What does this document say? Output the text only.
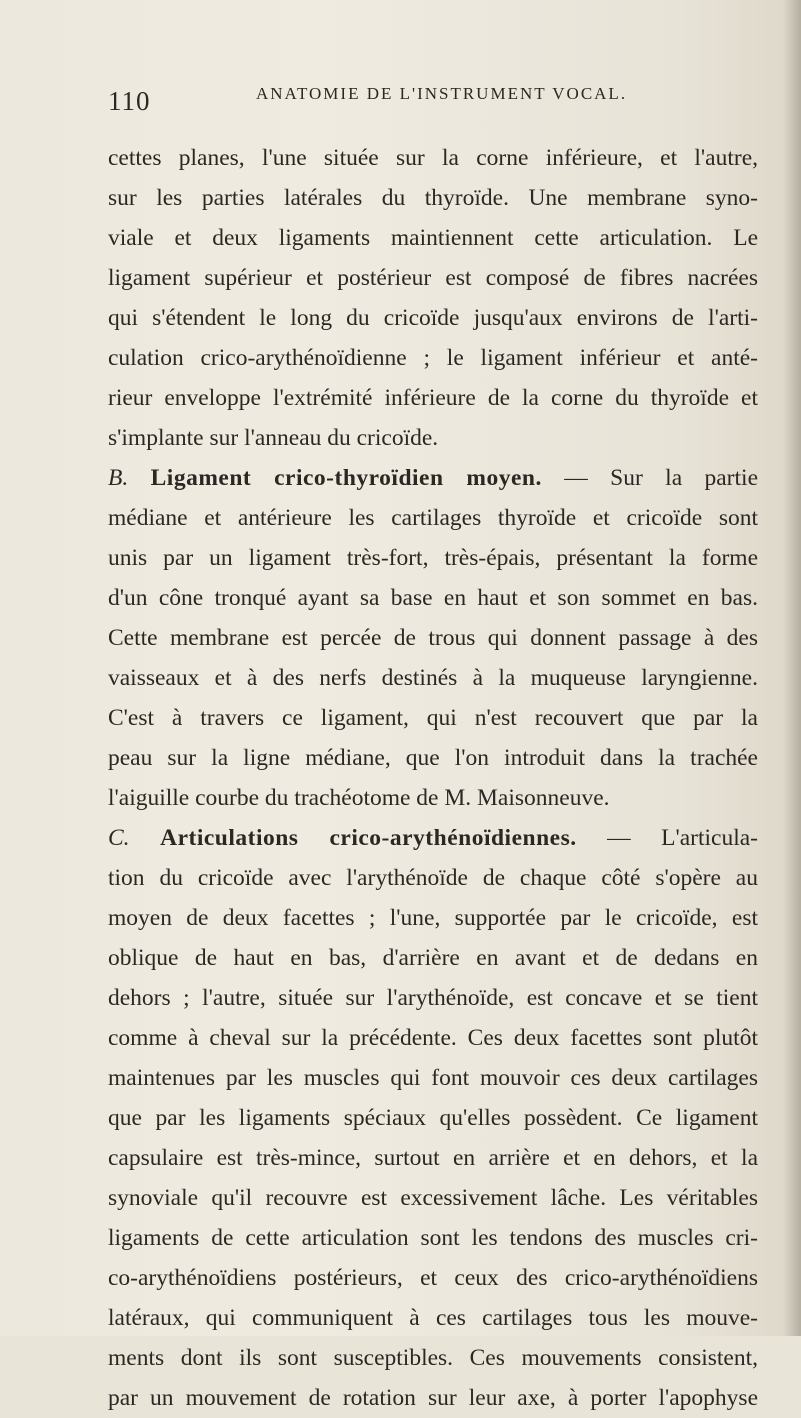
110	ANATOMIE DE L'INSTRUMENT VOCAL.
cettes planes, l'une située sur la corne inférieure, et l'autre,
sur les parties latérales du thyroïde. Une membrane syno-
viale et deux ligaments maintiennent cette articulation. Le
ligament supérieur et postérieur est composé de fibres nacrées
qui s'étendent le long du cricoïde jusqu'aux environs de l'arti-
culation crico-arythénoïdienne ; le ligament inférieur et anté-
rieur enveloppe l'extrémité inférieure de la corne du thyroïde et
s'implante sur l'anneau du cricoïde.
B. Ligament crico-thyroïdien moyen. — Sur la partie
médiane et antérieure les cartilages thyroïde et cricoïde sont
unis par un ligament très-fort, très-épais, présentant la forme
d'un cône tronqué ayant sa base en haut et son sommet en bas.
Cette membrane est percée de trous qui donnent passage à des
vaisseaux et à des nerfs destinés à la muqueuse laryngienne.
C'est à travers ce ligament, qui n'est recouvert que par la
peau sur la ligne médiane, que l'on introduit dans la trachée
l'aiguille courbe du trachéotome de M. Maisonneuve.
C. Articulations crico-arythénoïdiennes. — L'articula-
tion du cricoïde avec l'arythénoïde de chaque côté s'opère au
moyen de deux facettes ; l'une, supportée par le cricoïde, est
oblique de haut en bas, d'arrière en avant et de dedans en
dehors ; l'autre, située sur l'arythénoïde, est concave et se tient
comme à cheval sur la précédente. Ces deux facettes sont plutôt
maintenues par les muscles qui font mouvoir ces deux cartilages
que par les ligaments spéciaux qu'elles possèdent. Ce ligament
capsulaire est très-mince, surtout en arrière et en dehors, et la
synoviale qu'il recouvre est excessivement lâche. Les véritables
ligaments de cette articulation sont les tendons des muscles cri-
co-arythénoïdiens postérieurs, et ceux des crico-arythénoïdiens
latéraux, qui communiquent à ces cartilages tous les mouve-
ments dont ils sont susceptibles. Ces mouvements consistent,
par un mouvement de rotation sur leur axe, à porter l'apophyse
